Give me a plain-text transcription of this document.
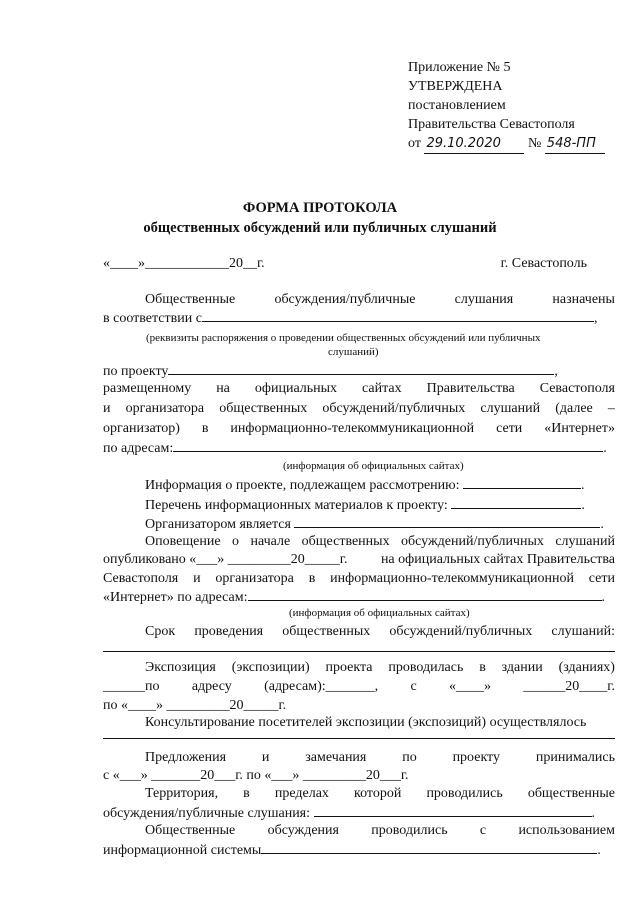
Приложение № 5
УТВЕРЖДЕНА
постановлением
Правительства Севастополя
от 29.10.2020 № 548-ПП
ФОРМА ПРОТОКОЛА
общественных обсуждений или публичных слушаний
«____»____________20__г.	г. Севастополь
Общественные	обсуждения/публичные	слушания	назначены
в соответствии с	,
(реквизиты распоряжения о проведении общественных обсуждений или публичных
слушаний)
по проекту	,
размещенному на официальных сайтах Правительства Севастополя
и организатора общественных обсуждений/публичных слушаний (далее –
организатор) в информационно-телекоммуникационной сети «Интернет»
по адресам:	.
(информация об официальных сайтах)
Информация о проекте, подлежащем рассмотрению:	.
Перечень информационных материалов к проекту:	.
Организатором является	.
Оповещение о начале общественных обсуждений/публичных слушаний
опубликовано «___» _________20_____г. на официальных сайтах Правительства
Севастополя и организатора в информационно-телекоммуникационной сети
«Интернет» по адресам:	.
(информация об официальных сайтах)
Срок проведения общественных обсуждений/публичных слушаний:
Экспозиция (экспозиции) проекта проводилась в здании (зданиях)
______по адресу (адресам):_______, с «____» ______20____г.
по «____» _________20_____г.
Консультирование посетителей экспозиции (экспозиций) осуществлялось
Предложения	и	замечания	по	проекту	принимались
с «___» _______20___г. по «___» _________20___г.
Территория, в пределах которой проводились общественные
обсуждения/публичные слушания:	.
Общественные обсуждения проводились с использованием
информационной системы	.
